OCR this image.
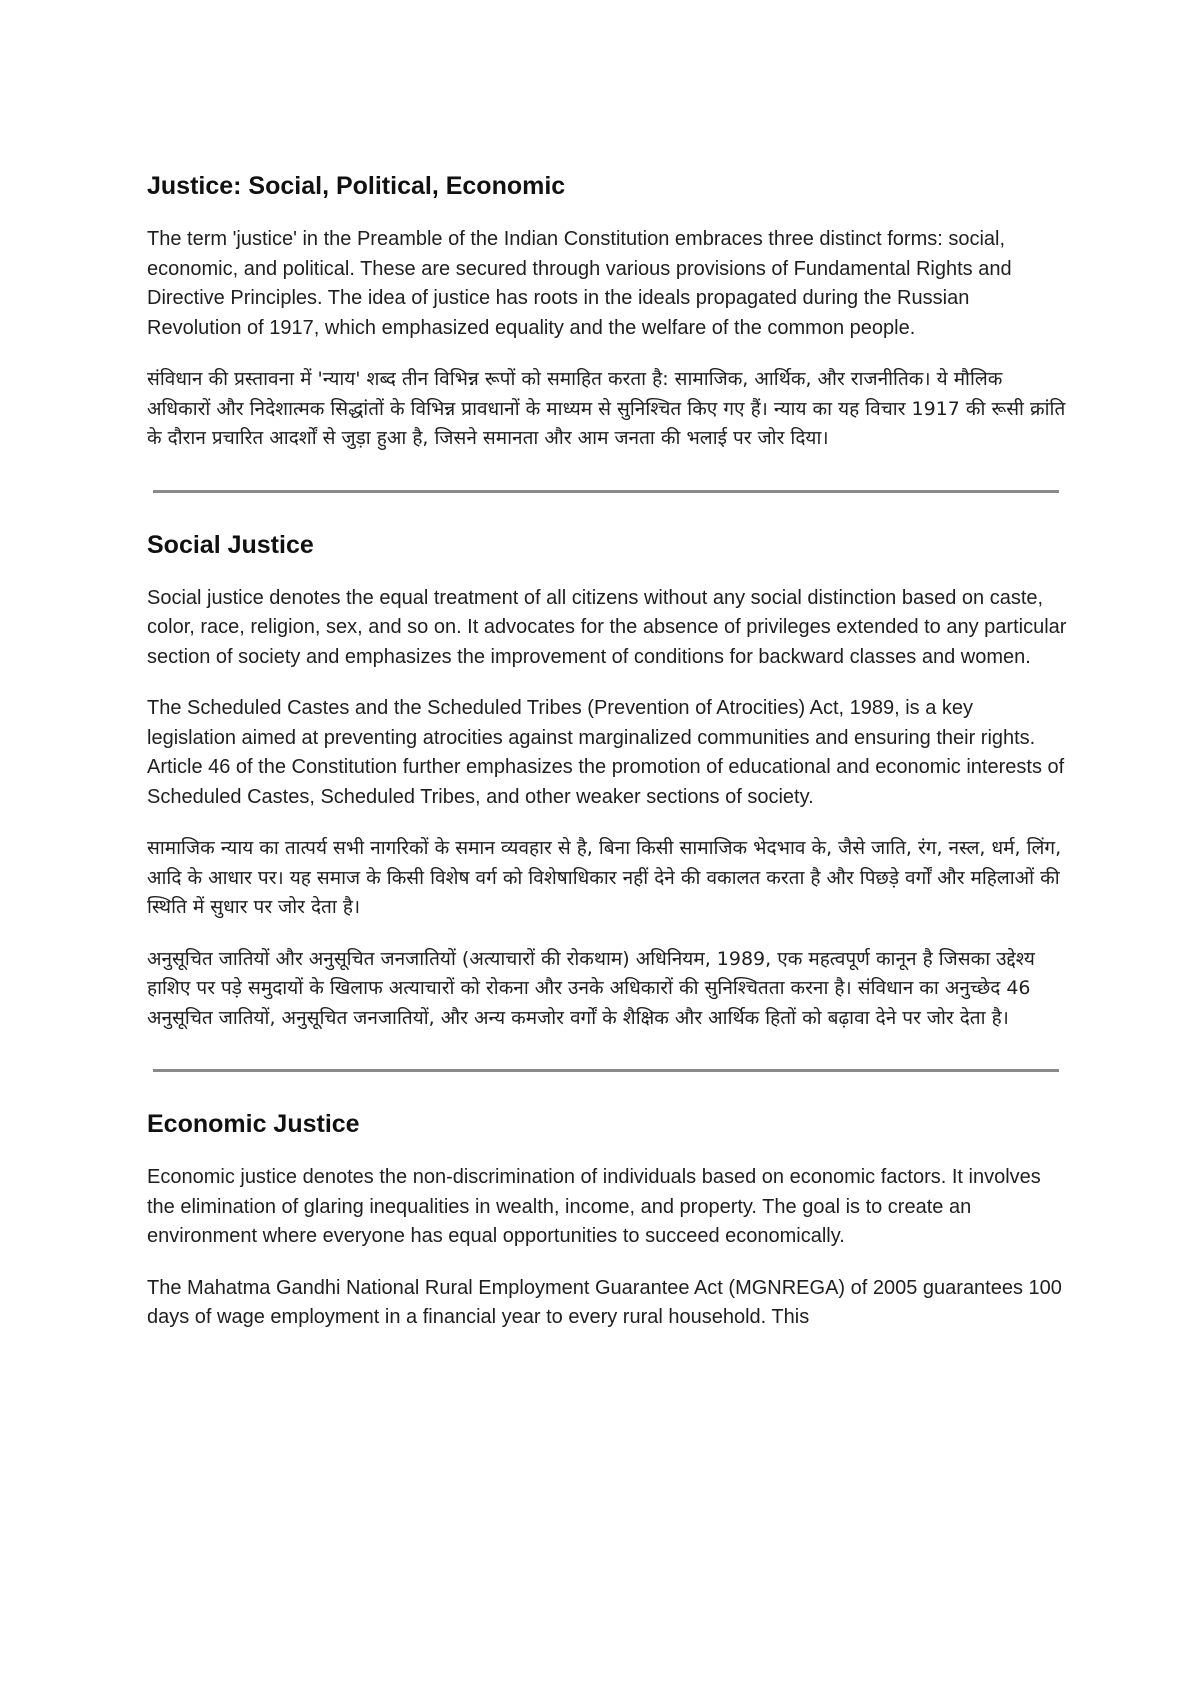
Justice: Social, Political, Economic

The term 'justice' in the Preamble of the Indian Constitution embraces three distinct forms: social, economic, and political. These are secured through various provisions of Fundamental Rights and Directive Principles. The idea of justice has roots in the ideals propagated during the Russian Revolution of 1917, which emphasized equality and the welfare of the common people.

संविधान की प्रस्तावना में 'न्याय' शब्द तीन विभिन्न रूपों को समाहित करता है: सामाजिक, आर्थिक, और राजनीतिक। ये मौलिक अधिकारों और निदेशात्मक सिद्धांतों के विभिन्न प्रावधानों के माध्यम से सुनिश्चित किए गए हैं। न्याय का यह विचार 1917 की रूसी क्रांति के दौरान प्रचारित आदर्शों से जुड़ा हुआ है, जिसने समानता और आम जनता की भलाई पर जोर दिया।

Social Justice

Social justice denotes the equal treatment of all citizens without any social distinction based on caste, color, race, religion, sex, and so on. It advocates for the absence of privileges extended to any particular section of society and emphasizes the improvement of conditions for backward classes and women.

The Scheduled Castes and the Scheduled Tribes (Prevention of Atrocities) Act, 1989, is a key legislation aimed at preventing atrocities against marginalized communities and ensuring their rights. Article 46 of the Constitution further emphasizes the promotion of educational and economic interests of Scheduled Castes, Scheduled Tribes, and other weaker sections of society.

सामाजिक न्याय का तात्पर्य सभी नागरिकों के समान व्यवहार से है, बिना किसी सामाजिक भेदभाव के, जैसे जाति, रंग, नस्ल, धर्म, लिंग, आदि के आधार पर। यह समाज के किसी विशेष वर्ग को विशेषाधिकार नहीं देने की वकालत करता है और पिछड़े वर्गों और महिलाओं की स्थिति में सुधार पर जोर देता है।

अनुसूचित जातियों और अनुसूचित जनजातियों (अत्याचारों की रोकथाम) अधिनियम, 1989, एक महत्वपूर्ण कानून है जिसका उद्देश्य हाशिए पर पड़े समुदायों के खिलाफ अत्याचारों को रोकना और उनके अधिकारों की सुनिश्चितता करना है। संविधान का अनुच्छेद 46 अनुसूचित जातियों, अनुसूचित जनजातियों, और अन्य कमजोर वर्गों के शैक्षिक और आर्थिक हितों को बढ़ावा देने पर जोर देता है।

Economic Justice

Economic justice denotes the non-discrimination of individuals based on economic factors. It involves the elimination of glaring inequalities in wealth, income, and property. The goal is to create an environment where everyone has equal opportunities to succeed economically.

The Mahatma Gandhi National Rural Employment Guarantee Act (MGNREGA) of 2005 guarantees 100 days of wage employment in a financial year to every rural household. This
